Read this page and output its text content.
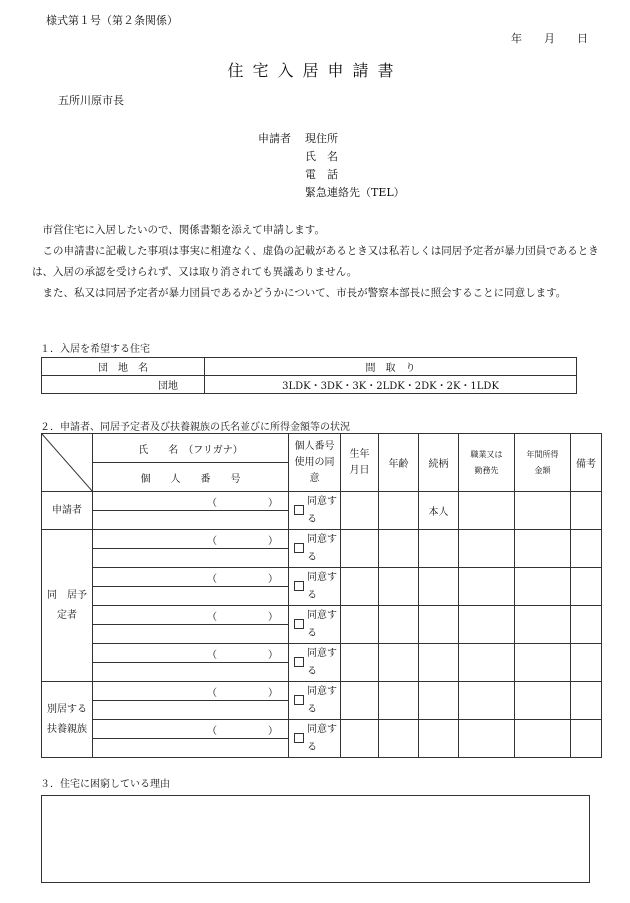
様式第１号（第２条関係）
年　　月　　日
住宅入居申請書
五所川原市長
申請者 現住所
氏　名
電　話
緊急連絡先（TEL）
　市営住宅に入居したいので、関係書類を添えて申請します。
　この申請書に記載した事項は事実に相違なく、虚偽の記載があるとき又は私若しくは同居予定者が暴力団員であるときは、入居の承認を受けられず、又は取り消されても異議ありません。
　また、私又は同居予定者が暴力団員であるかどうかについて、市長が警察本部長に照会することに同意します。
１．入居を希望する住宅
団　地　名	間　取　り
団地	3LDK・3DK・3K・2LDK・2DK・2K・1LDK
２．申請者、同居予定者及び扶養親族の氏名並びに所得金額等の状況
	氏　　名　（フリガナ）	個人番号使用の同意	生年月日	年齢	続柄	職業又は勤務先	年間所得金額	備考
	個　　人　　番　　号							
申請者	（ ）	同意する			本人			

同　居予定者	（ ）	同意する						

	（ ）	同意する						

	（ ）	同意する						

	（ ）	同意する						

別居する扶養親族	（ ）	同意する						

	（ ）	同意する						

３．住宅に困窮している理由
